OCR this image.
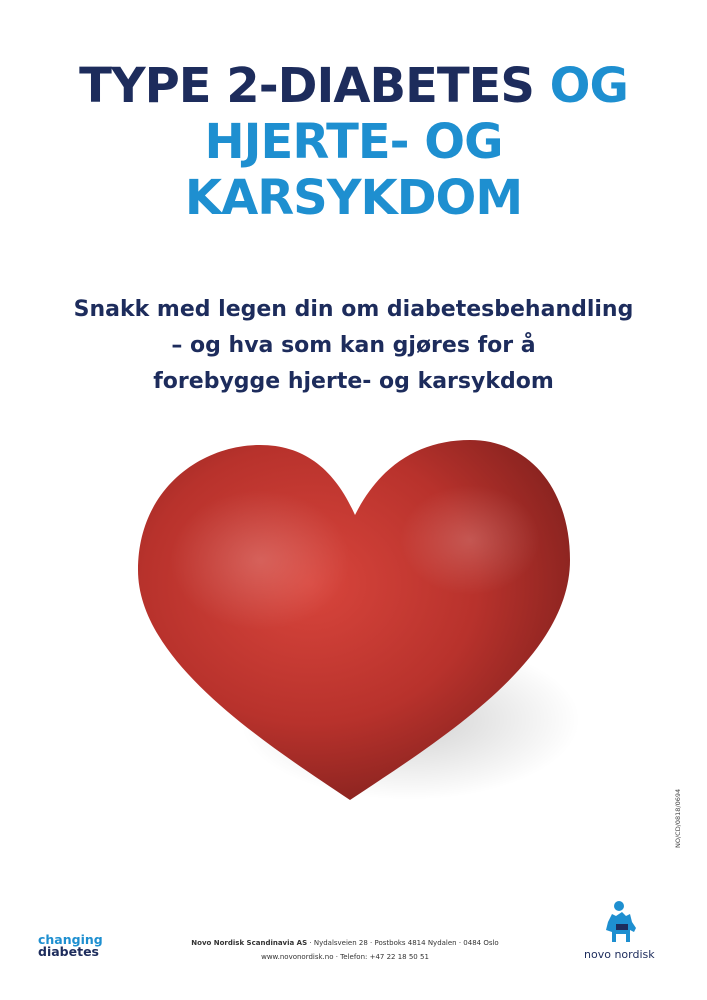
TYPE 2-DIABETES OG
HJERTE- OG
KARSYKDOM
Snakk med legen din om diabetesbehandling
– og hva som kan gjøres for å
forebygge hjerte- og karsykdom
NO/CD/0818/0694
changing
diabetes
Novo Nordisk Scandinavia AS · Nydalsveien 28 · Postboks 4814 Nydalen · 0484 Oslo
www.novonordisk.no · Telefon: +47 22 18 50 51	novo nordisk
